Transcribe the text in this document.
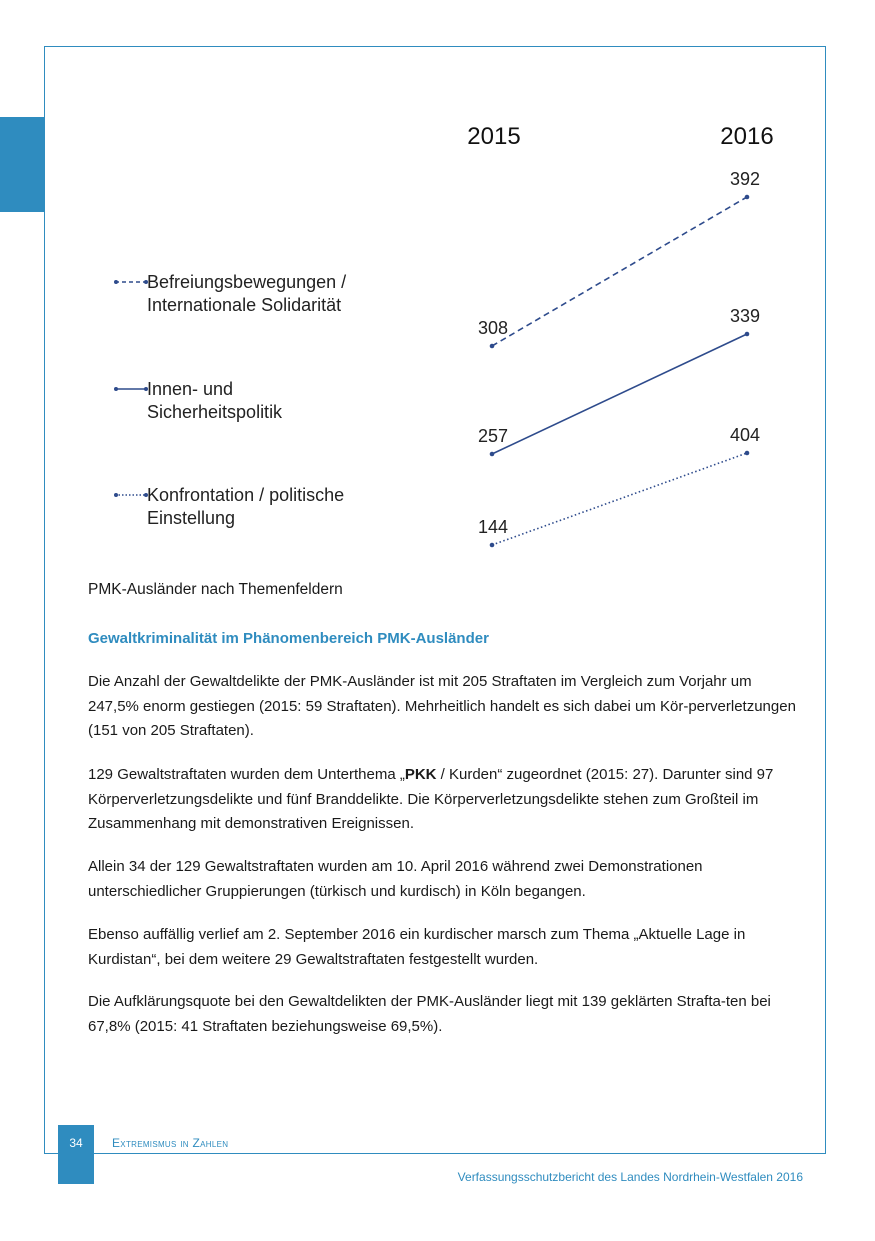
2015	2016
308
392
Befreiungsbewegungen /
Internationale Solidarität
257
339
Innen- und
Sicherheitspolitik
144
404
Konfrontation / politische
Einstellung
PMK-Ausländer nach Themenfeldern
Gewaltkriminalität im Phänomenbereich PMK-Ausländer

Die Anzahl der Gewaltdelikte der PMK-Ausländer ist mit 205 Straftaten im Vergleich zum Vorjahr um 247,5% enorm gestiegen (2015: 59 Straftaten). Mehrheitlich handelt es sich dabei um Kör-perverletzungen (151 von 205 Straftaten).

129 Gewaltstraftaten wurden dem Unterthema „PKK / Kurden“ zugeordnet (2015: 27). Darunter sind 97 Körperverletzungsdelikte und fünf Branddelikte. Die Körperverletzungsdelikte stehen zum Großteil im Zusammenhang mit demonstrativen Ereignissen.

Allein 34 der 129 Gewaltstraftaten wurden am 10. April 2016 während zwei Demonstrationen unterschiedlicher Gruppierungen (türkisch und kurdisch) in Köln begangen.

Ebenso auffällig verlief am 2. September 2016 ein kurdischer marsch zum Thema „Aktuelle Lage in Kurdistan“, bei dem weitere 29 Gewaltstraftaten festgestellt wurden.

Die Aufklärungsquote bei den Gewaltdelikten der PMK-Ausländer liegt mit 139 geklärten Strafta-ten bei 67,8% (2015: 41 Straftaten beziehungsweise 69,5%).

34	Extremismus in Zahlen
Verfassungsschutzbericht des Landes Nordrhein-Westfalen 2016
